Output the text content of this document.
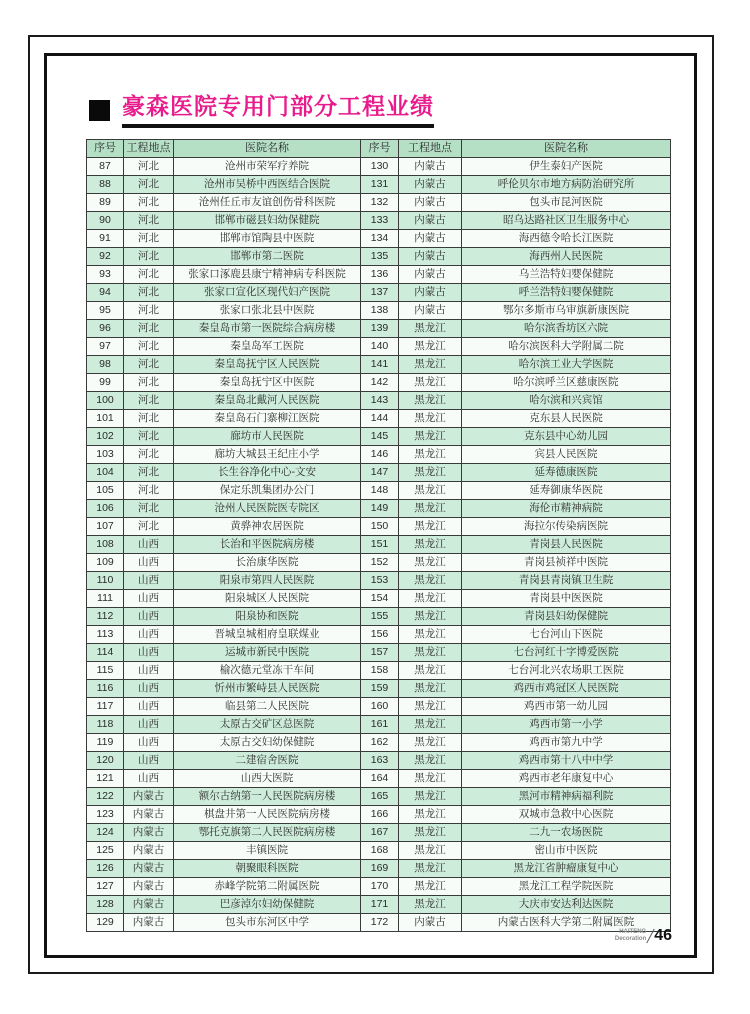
豪森医院专用门部分工程业绩
序号	工程地点	医院名称	序号	工程地点	医院名称
87	河北	沧州市荣军疗养院	130	内蒙古	伊生泰妇产医院
88	河北	沧州市吴桥中西医结合医院	131	内蒙古	呼伦贝尔市地方病防治研究所
89	河北	沧州任丘市友谊创伤骨科医院	132	内蒙古	包头市昆河医院
90	河北	邯郸市磁县妇幼保健院	133	内蒙古	昭乌达路社区卫生服务中心
91	河北	邯郸市馆陶县中医院	134	内蒙古	海西德令哈长江医院
92	河北	邯郸市第二医院	135	内蒙古	海西州人民医院
93	河北	张家口涿鹿县康宁精神病专科医院	136	内蒙古	乌兰浩特妇婴保健院
94	河北	张家口宣化区现代妇产医院	137	内蒙古	呼兰浩特妇婴保健院
95	河北	张家口张北县中医院	138	内蒙古	鄂尔多斯市乌审旗新康医院
96	河北	秦皇岛市第一医院综合病房楼	139	黑龙江	哈尔滨香坊区六院
97	河北	秦皇岛军工医院	140	黑龙江	哈尔滨医科大学附属二院
98	河北	秦皇岛抚宁区人民医院	141	黑龙江	哈尔滨工业大学医院
99	河北	秦皇岛抚宁区中医院	142	黑龙江	哈尔滨呼兰区慈康医院
100	河北	秦皇岛北戴河人民医院	143	黑龙江	哈尔滨和兴宾馆
101	河北	秦皇岛石门寨柳江医院	144	黑龙江	克东县人民医院
102	河北	廊坊市人民医院	145	黑龙江	克东县中心幼儿园
103	河北	廊坊大城县王纪庄小学	146	黑龙江	宾县人民医院
104	河北	长生谷净化中心-文安	147	黑龙江	延寿德康医院
105	河北	保定乐凯集团办公门	148	黑龙江	延寿御康华医院
106	河北	沧州人民医院医专院区	149	黑龙江	海伦市精神病院
107	河北	黄骅神农居医院	150	黑龙江	海拉尔传染病医院
108	山西	长治和平医院病房楼	151	黑龙江	青岗县人民医院
109	山西	长治康华医院	152	黑龙江	青岗县祯祥中医院
110	山西	阳泉市第四人民医院	153	黑龙江	青岗县青岗镇卫生院
111	山西	阳泉城区人民医院	154	黑龙江	青岗县中医医院
112	山西	阳泉协和医院	155	黑龙江	青岗县妇幼保健院
113	山西	晋城皇城相府皇联煤业	156	黑龙江	七台河山下医院
114	山西	运城市新民中医院	157	黑龙江	七台河红十字博爱医院
115	山西	榆次德元堂冻干车间	158	黑龙江	七台河北兴农场职工医院
116	山西	忻州市繁峙县人民医院	159	黑龙江	鸡西市鸡冠区人民医院
117	山西	临县第二人民医院	160	黑龙江	鸡西市第一幼儿园
118	山西	太原古交矿区总医院	161	黑龙江	鸡西市第一小学
119	山西	太原古交妇幼保健院	162	黑龙江	鸡西市第九中学
120	山西	二建宿舍医院	163	黑龙江	鸡西市第十八中中学
121	山西	山西大医院	164	黑龙江	鸡西市老年康复中心
122	内蒙古	额尔古纳第一人民医院病房楼	165	黑龙江	黑河市精神病福利院
123	内蒙古	棋盘井第一人民医院病房楼	166	黑龙江	双城市急救中心医院
124	内蒙古	鄂托克旗第二人民医院病房楼	167	黑龙江	二九一农场医院
125	内蒙古	丰镇医院	168	黑龙江	密山市中医院
126	内蒙古	朝聚眼科医院	169	黑龙江	黑龙江省肿瘤康复中心
127	内蒙古	赤峰学院第二附属医院	170	黑龙江	黑龙江工程学院医院
128	内蒙古	巴彦淖尔妇幼保健院	171	黑龙江	大庆市安达利达医院
129	内蒙古	包头市东河区中学	172	内蒙古	内蒙古医科大学第二附属医院
HAITENG
Decoration 46
